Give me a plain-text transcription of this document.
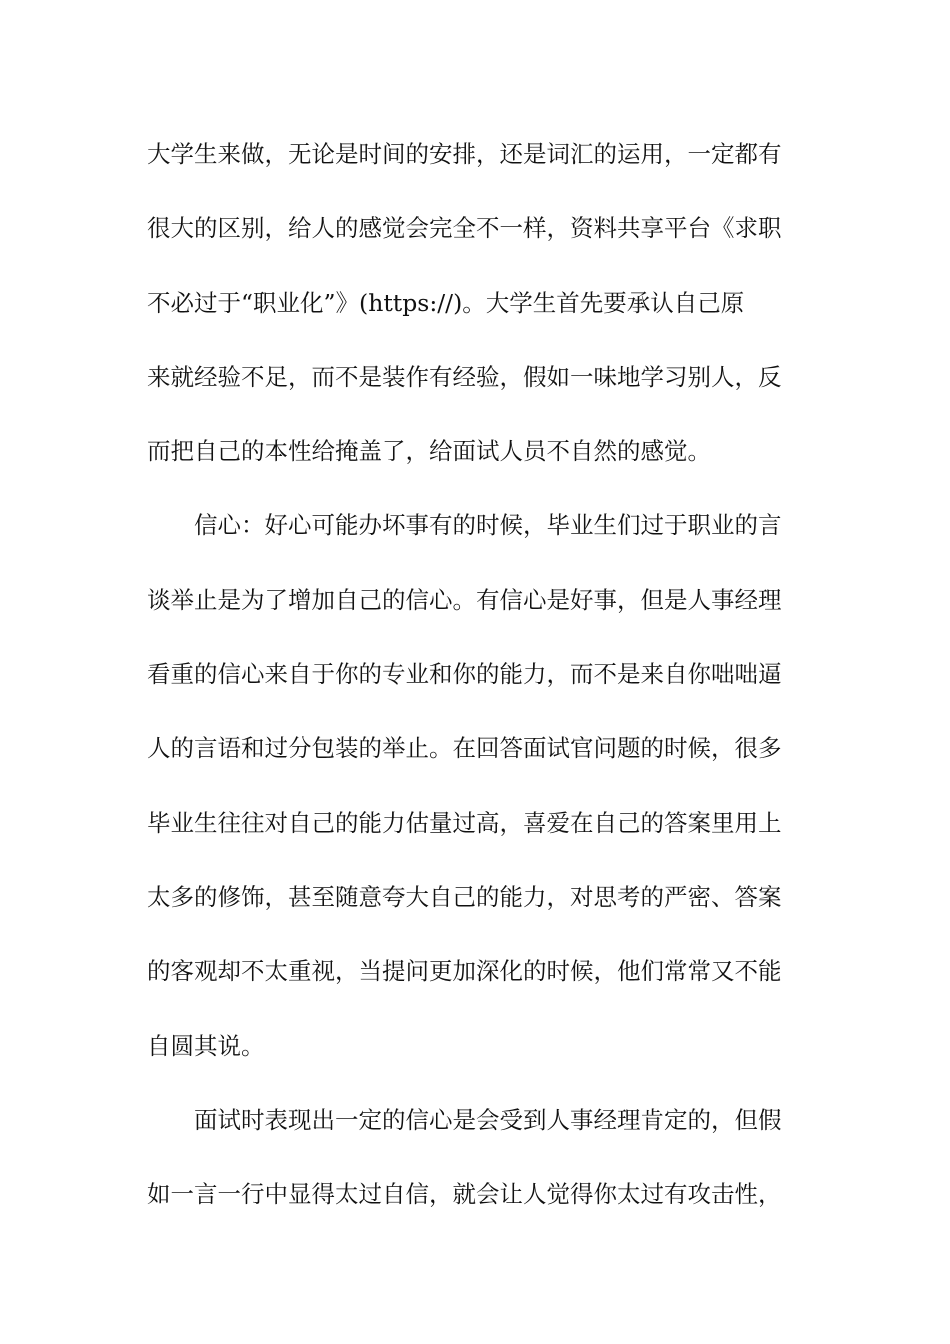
大学生来做，无论是时间的安排，还是词汇的运用，一定都有
很大的区别，给人的感觉会完全不一样，资料共享平台《求职
不必过于“职业化”》(https://)。大学生首先要承认自己原
来就经验不足，而不是装作有经验，假如一味地学习别人，反
而把自己的本性给掩盖了，给面试人员不自然的感觉。
信心：好心可能办坏事有的时候，毕业生们过于职业的言
谈举止是为了增加自己的信心。有信心是好事，但是人事经理
看重的信心来自于你的专业和你的能力，而不是来自你咄咄逼
人的言语和过分包装的举止。在回答面试官问题的时候，很多
毕业生往往对自己的能力估量过高，喜爱在自己的答案里用上
太多的修饰，甚至随意夸大自己的能力，对思考的严密、答案
的客观却不太重视，当提问更加深化的时候，他们常常又不能
自圆其说。
面试时表现出一定的信心是会受到人事经理肯定的，但假
如一言一行中显得太过自信，就会让人觉得你太过有攻击性，
